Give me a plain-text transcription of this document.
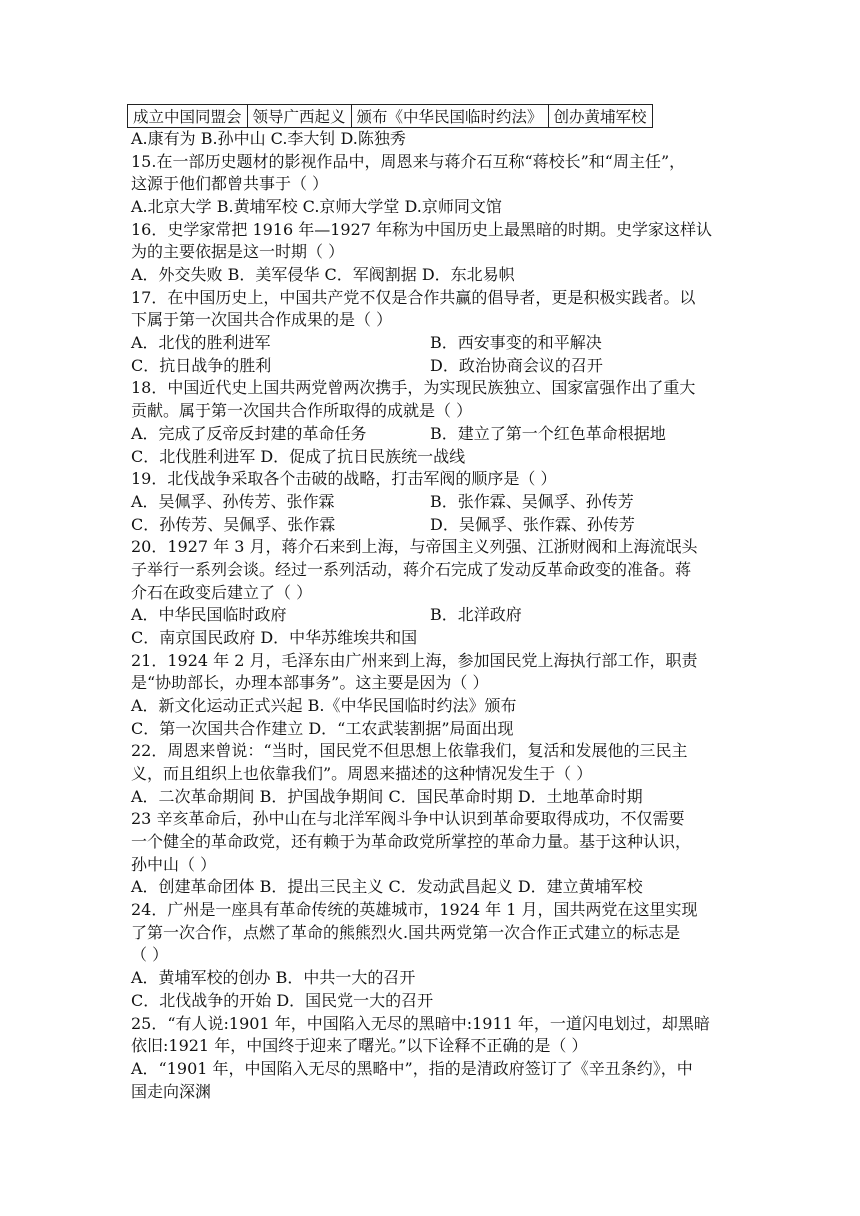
成立中国同盟会	领导广西起义	颁布《中华民国临时约法》	创办黄埔军校
A.康有为 B.孙中山 C.李大钊 D.陈独秀
15.在一部历史题材的影视作品中，周恩来与蒋介石互称“蒋校长”和“周主任”，
这源于他们都曾共事于（ ）
A.北京大学 B.黄埔军校 C.京师大学堂 D.京师同文馆
16．史学家常把 1916 年—1927 年称为中国历史上最黑暗的时期。史学家这样认
为的主要依据是这一时期（ ）
A．外交失败 B．美军侵华 C．军阀割据 D．东北易帜
17．在中国历史上，中国共产党不仅是合作共赢的倡导者，更是积极实践者。以
下属于第一次国共合作成果的是（ ）
A．北伐的胜利进军	B．西安事变的和平解决
C．抗日战争的胜利	D．政治协商会议的召开
18．中国近代史上国共两党曾两次携手，为实现民族独立、国家富强作出了重大
贡献。属于第一次国共合作所取得的成就是（ ）
A．完成了反帝反封建的革命任务	B．建立了第一个红色革命根据地
C．北伐胜利进军 D．促成了抗日民族统一战线
19．北伐战争采取各个击破的战略，打击军阀的顺序是（ ）
A．吴佩孚、孙传芳、张作霖	B．张作霖、吴佩孚、孙传芳
C．孙传芳、吴佩孚、张作霖	D．吴佩孚、张作霖、孙传芳
20．1927 年 3 月，蒋介石来到上海，与帝国主义列强、江浙财阀和上海流氓头
子举行一系列会谈。经过一系列活动，蒋介石完成了发动反革命政变的准备。蒋
介石在政变后建立了（ ）
A．中华民国临时政府	B．北洋政府
C．南京国民政府 D．中华苏维埃共和国
21．1924 年 2 月，毛泽东由广州来到上海，参加国民党上海执行部工作，职责
是“协助部长，办理本部事务”。这主要是因为（ ）
A．新文化运动正式兴起 B.《中华民国临时约法》颁布
C．第一次国共合作建立 D．“工农武装割据”局面出现
22．周恩来曾说：“当时，国民党不但思想上依靠我们，复活和发展他的三民主
义，而且组织上也依靠我们”。周恩来描述的这种情况发生于（ ）
A．二次革命期间 B．护国战争期间 C．国民革命时期 D．土地革命时期
23 辛亥革命后，孙中山在与北洋军阀斗争中认识到革命要取得成功，不仅需要
一个健全的革命政党，还有赖于为革命政党所掌控的革命力量。基于这种认识，
孙中山（ ）
A．创建革命团体 B．提出三民主义 C．发动武昌起义 D．建立黄埔军校
24．广州是一座具有革命传统的英雄城市，1924 年 1 月，国共两党在这里实现
了第一次合作，点燃了革命的熊熊烈火.国共两党第一次合作正式建立的标志是
（ ）
A．黄埔军校的创办 B．中共一大的召开
C．北伐战争的开始 D．国民党一大的召开
25．“有人说:1901 年，中国陷入无尽的黑暗中:1911 年，一道闪电划过，却黑暗
依旧:1921 年，中国终于迎来了曙光。”以下诠释不正确的是（ ）
A．“1901 年，中国陷入无尽的黑略中”，指的是清政府签订了《辛丑条约》，中
国走向深渊
